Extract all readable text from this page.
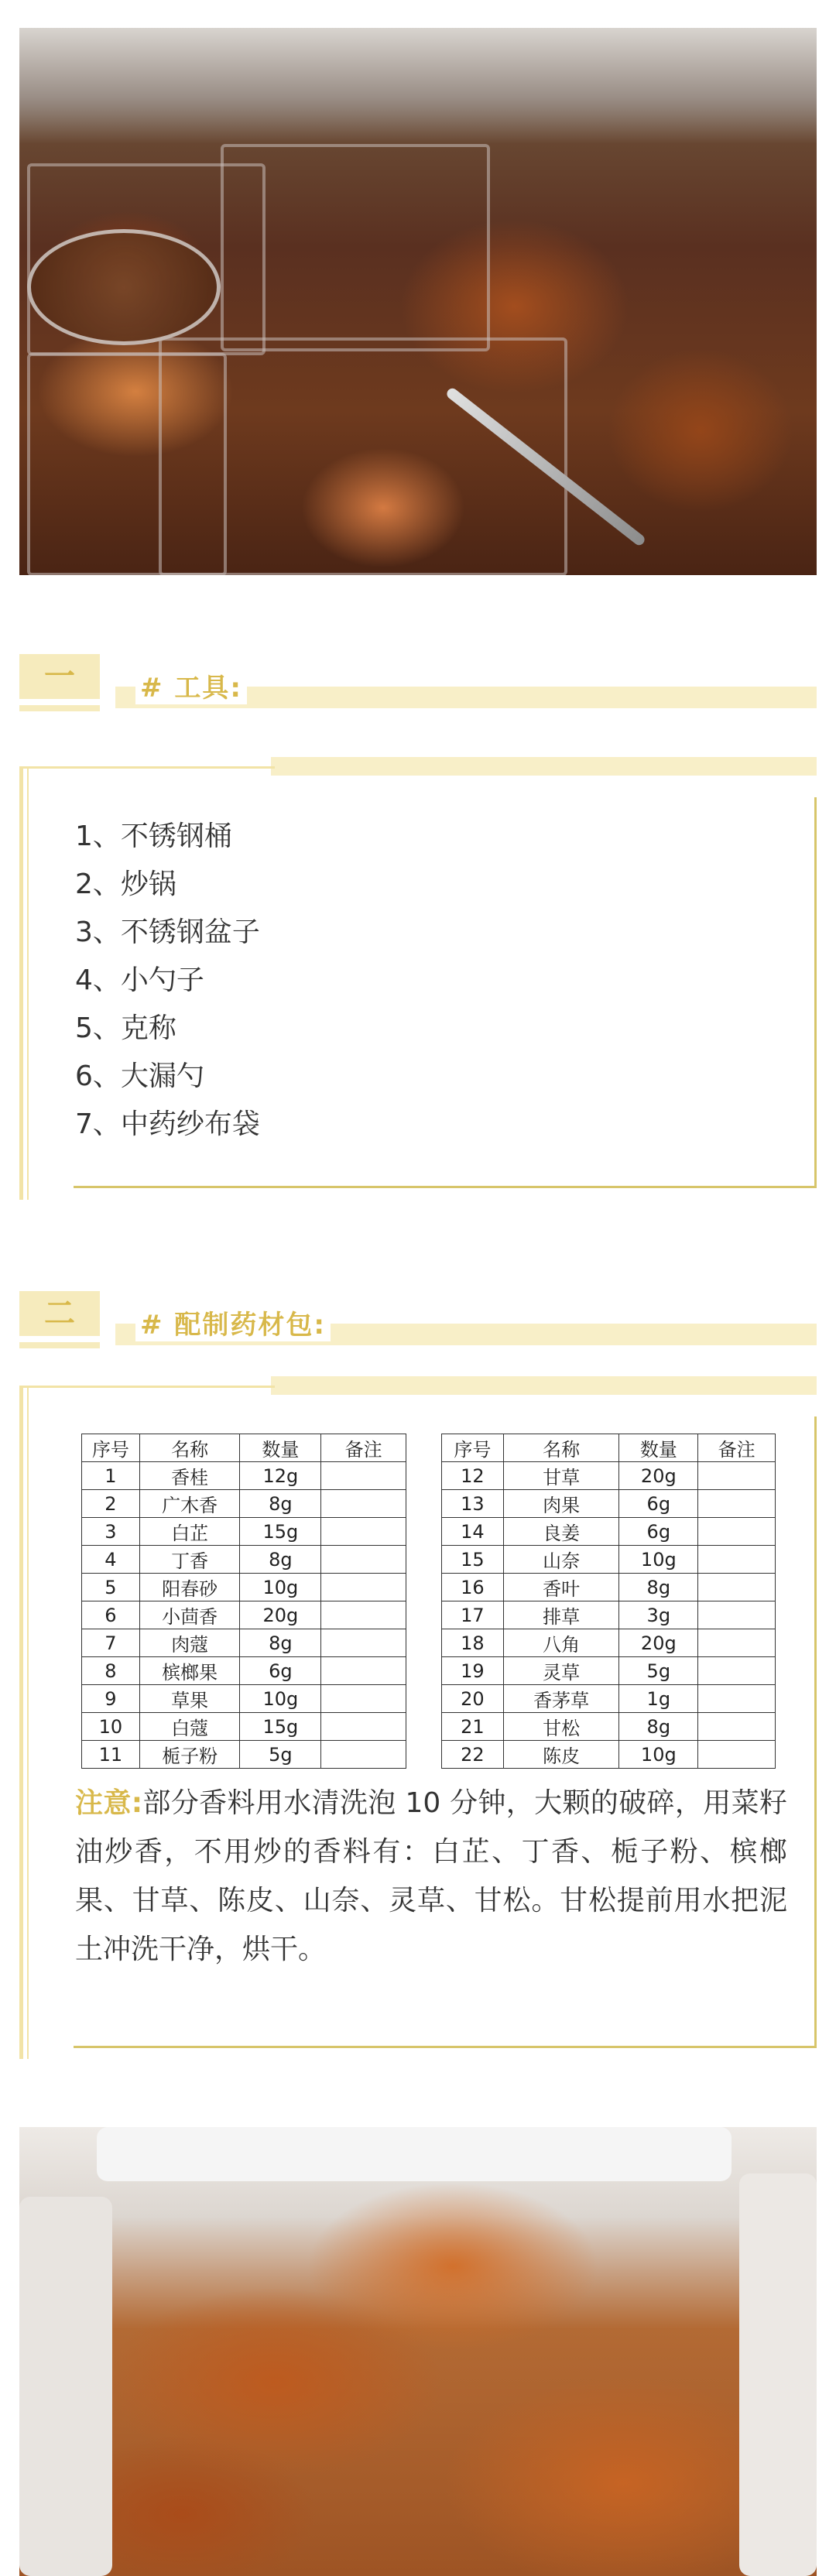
一	# 工具:
1、不锈钢桶
2、炒锅
3、不锈钢盆子
4、小勺子
5、克称
6、大漏勺
7、中药纱布袋
二	# 配制药材包:
序号	名称	数量	备注
1	香桂	12g	
2	广木香	8g	
3	白芷	15g	
4	丁香	8g	
5	阳春砂	10g	
6	小茴香	20g	
7	肉蔻	8g	
8	槟榔果	6g	
9	草果	10g	
10	白蔻	15g	
11	栀子粉	5g	
序号	名称	数量	备注
12	甘草	20g	
13	肉果	6g	
14	良姜	6g	
15	山奈	10g	
16	香叶	8g	
17	排草	3g	
18	八角	20g	
19	灵草	5g	
20	香茅草	1g	
21	甘松	8g	
22	陈皮	10g	
注意:部分香料用水清洗泡 10 分钟，大颗的破碎，用菜籽油炒香，不用炒的香料有：白芷、丁香、栀子粉、槟榔果、甘草、陈皮、山奈、灵草、甘松。甘松提前用水把泥土冲洗干净，烘干。
